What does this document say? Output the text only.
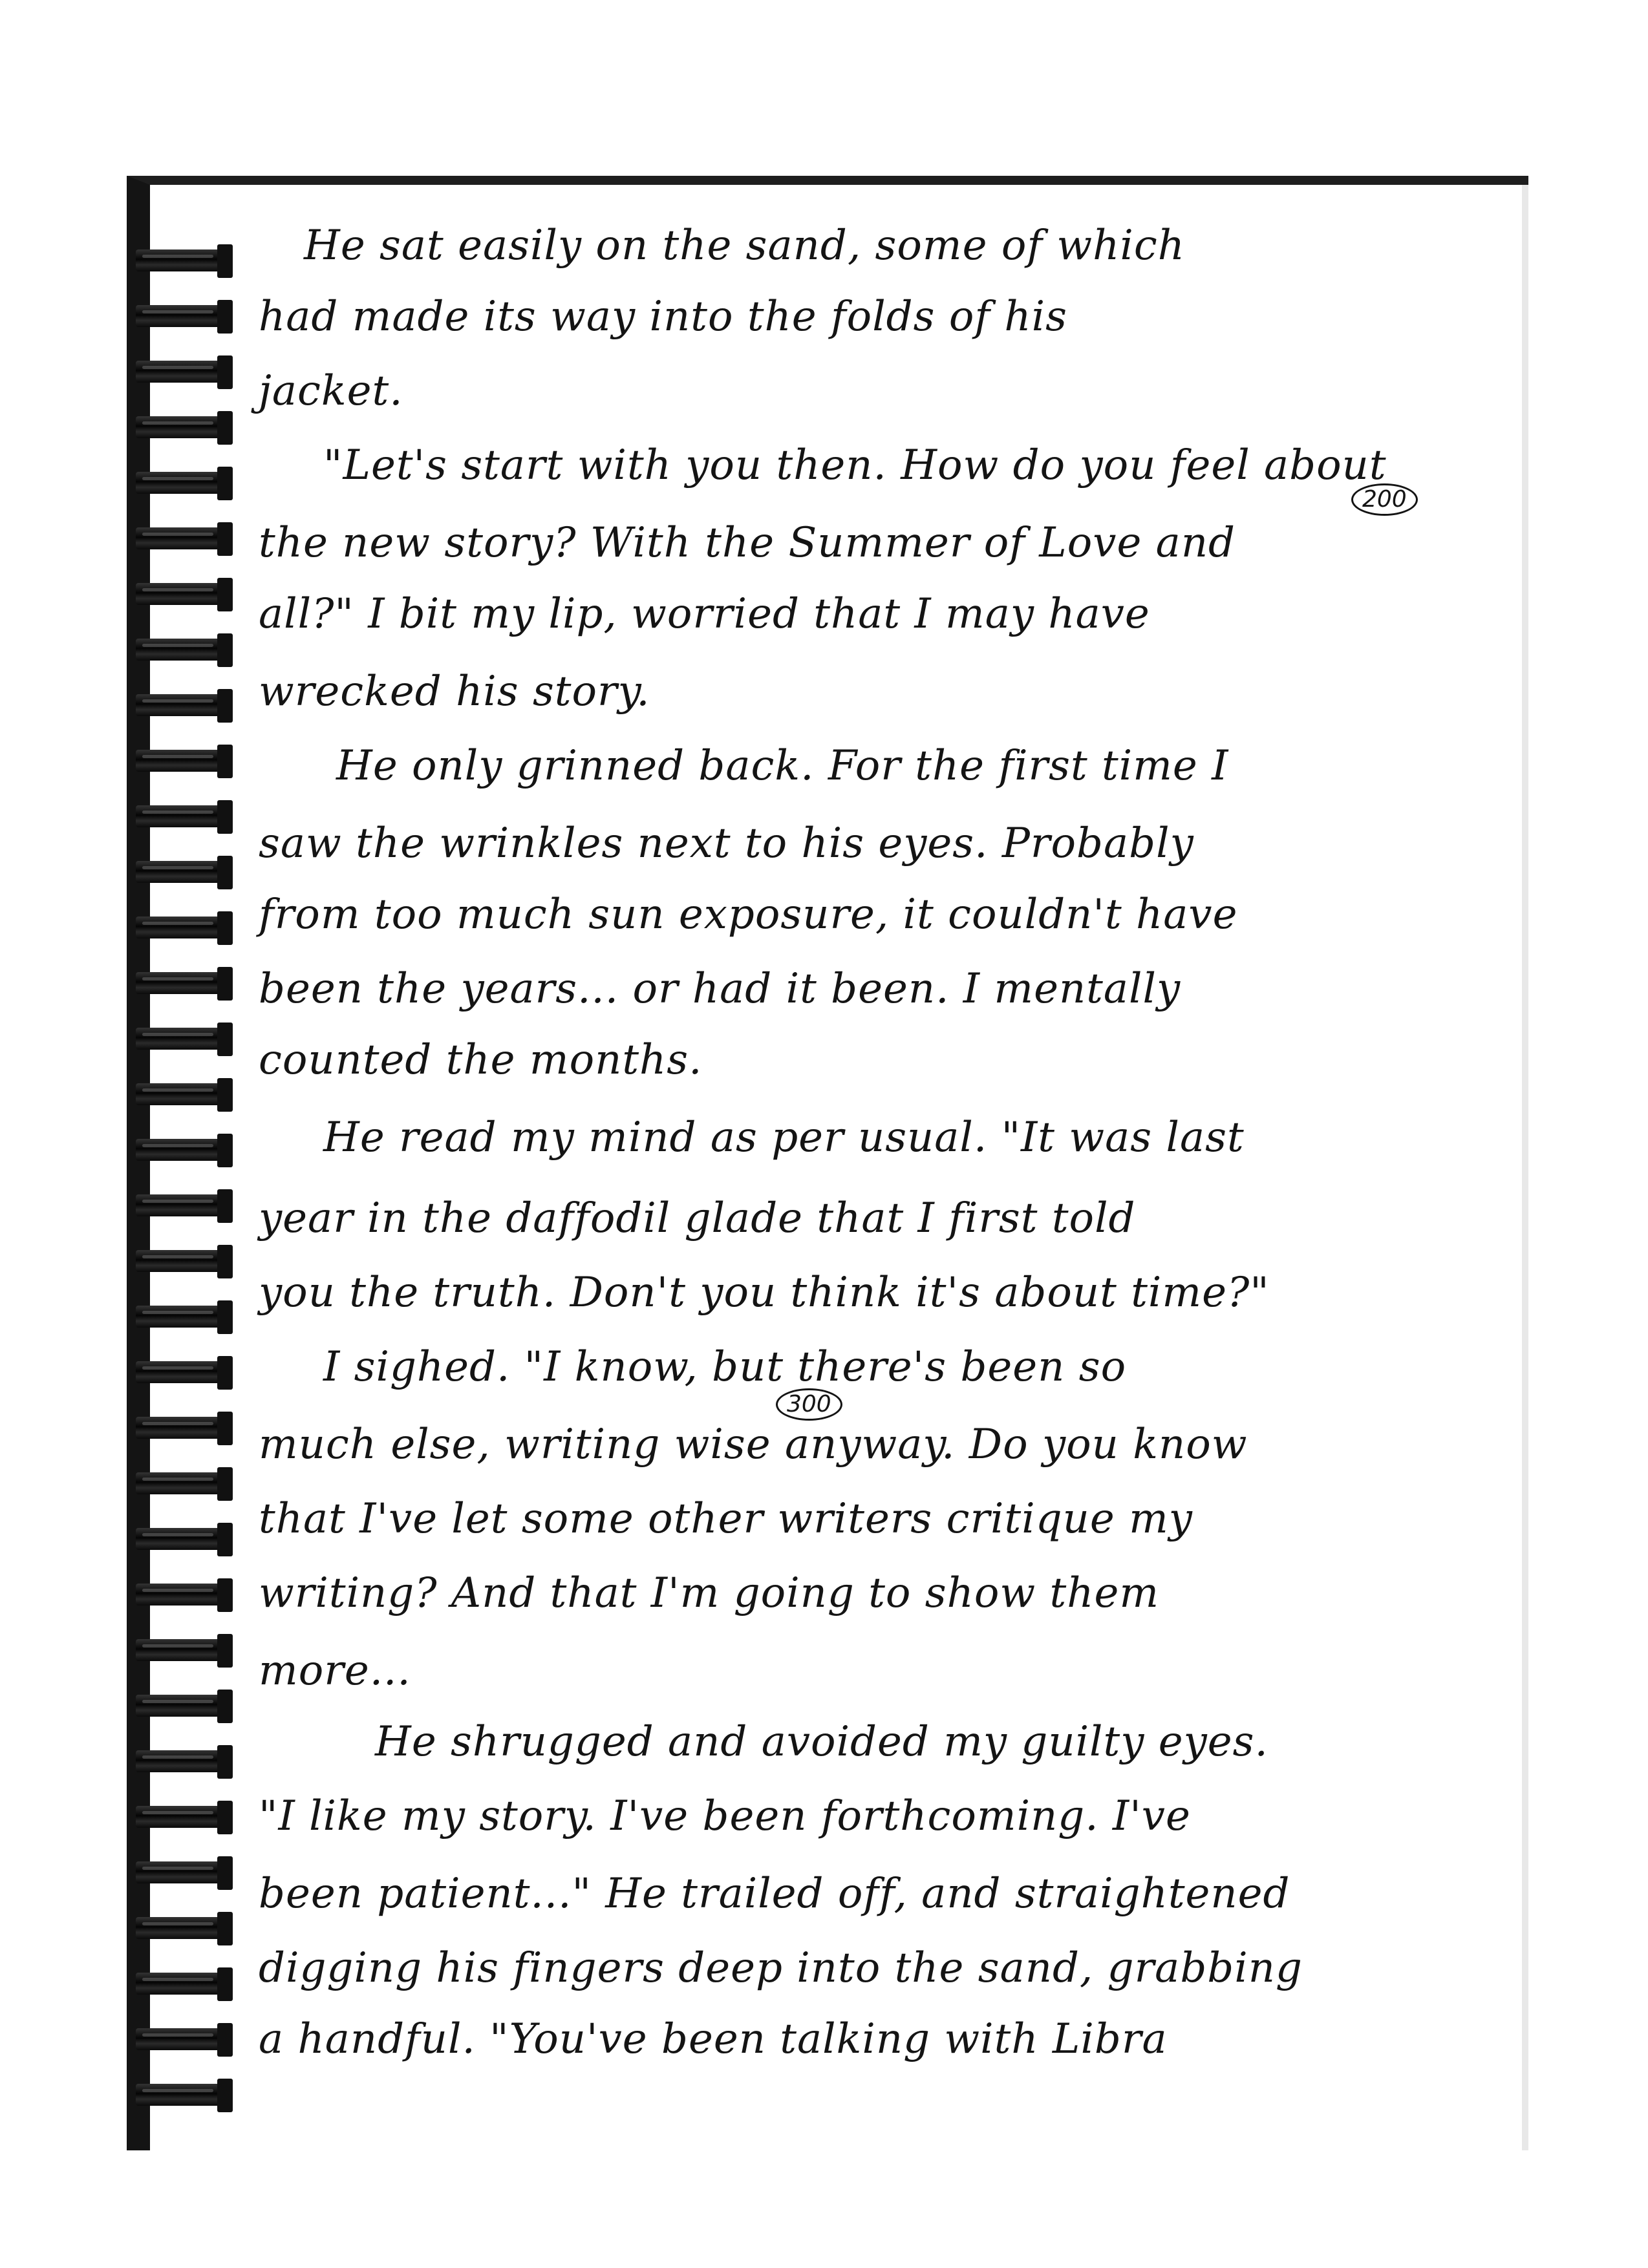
He sat easily on the sand, some of which
had made its way into the folds of his
jacket.
"Let's start with you then. How do you feel about
the new story? With the Summer of Love and
all?" I bit my lip, worried that I may have
wrecked his story.
He only grinned back. For the first time I
saw the wrinkles next to his eyes. Probably
from too much sun exposure, it couldn't have
been the years... or had it been. I mentally
counted the months.
He read my mind as per usual. "It was last
year in the daffodil glade that I first told
you the truth. Don't you think it's about time?"
I sighed. "I know, but there's been so
much else, writing wise anyway. Do you know
that I've let some other writers critique my
writing? And that I'm going to show them
more...
He shrugged and avoided my guilty eyes.
"I like my story. I've been forthcoming. I've
been patient..." He trailed off, and straightened
digging his fingers deep into the sand, grabbing
a handful. "You've been talking with Libra
200
300
